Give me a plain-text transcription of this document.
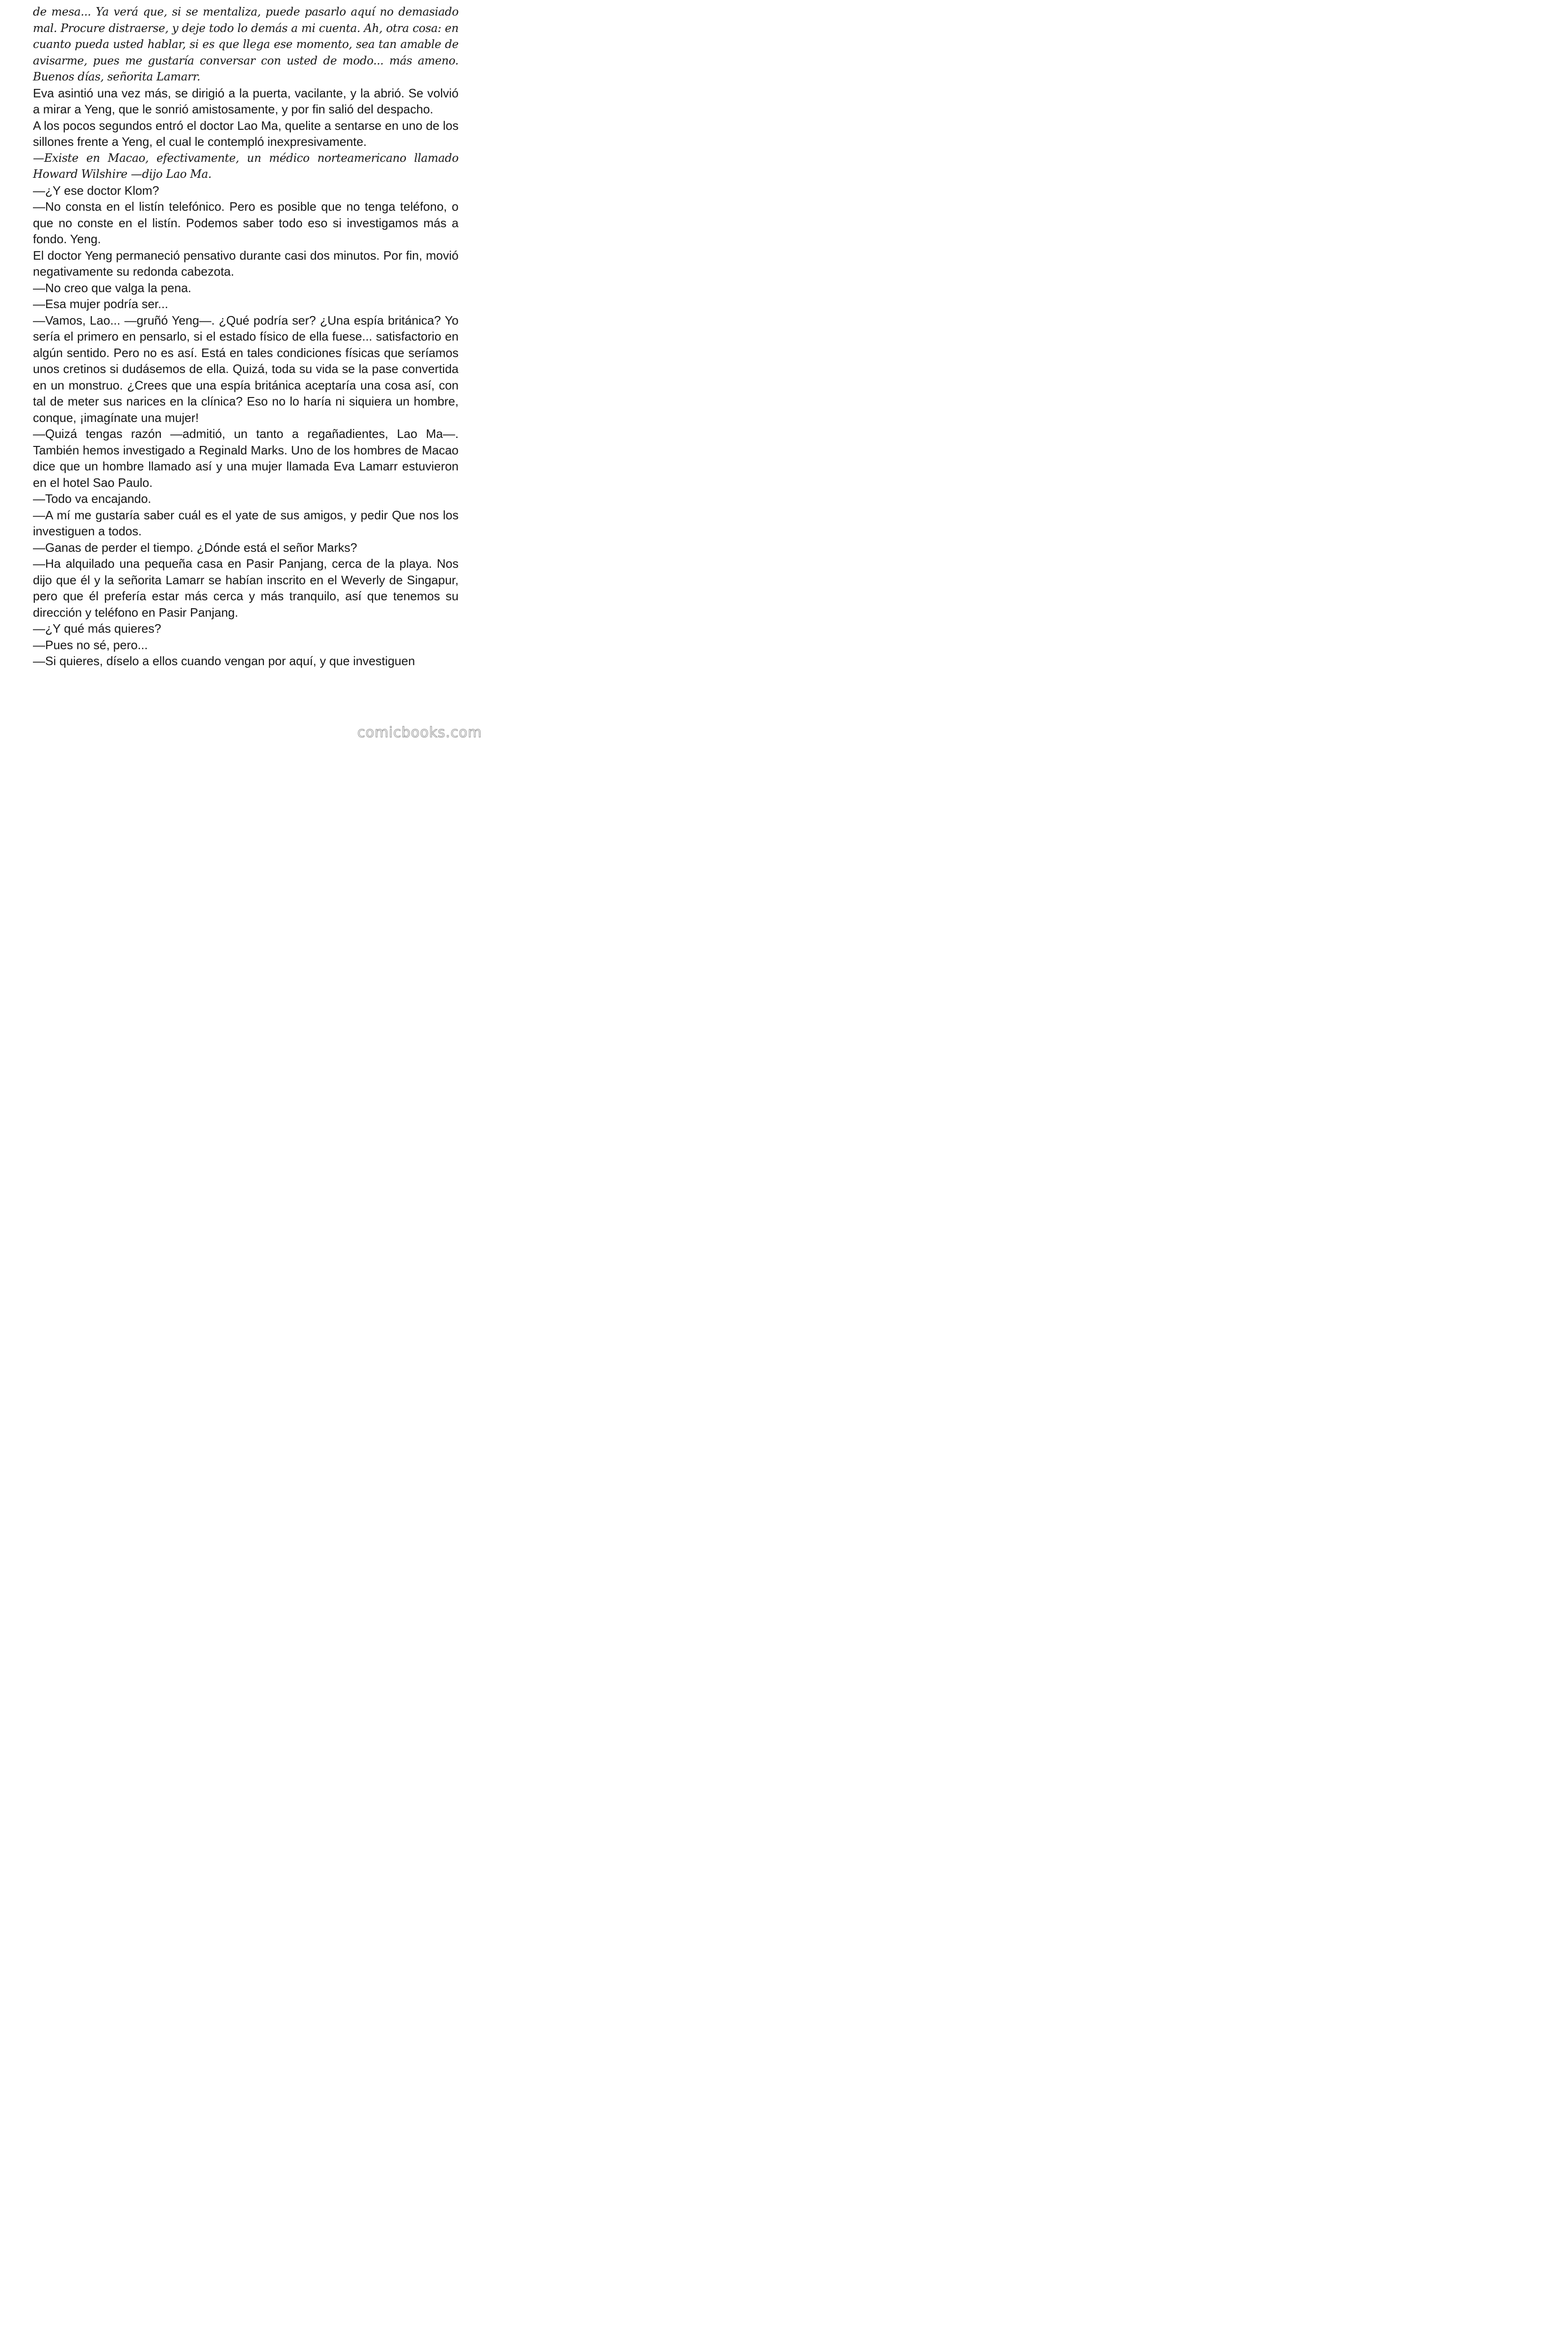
de mesa... Ya verá que, si se mentaliza, puede pasarlo aquí no demasiado mal. Procure distraerse, y deje todo lo demás a mi cuenta. Ah, otra cosa: en cuanto pueda usted hablar, si es que llega ese momento, sea tan amable de avisarme, pues me gustaría conversar con usted de modo... más ameno. Buenos días, señorita Lamarr.

Eva asintió una vez más, se dirigió a la puerta, vacilante, y la abrió. Se volvió a mirar a Yeng, que le sonrió amistosamente, y por fin salió del despacho.

A los pocos segundos entró el doctor Lao Ma, quelite a sentarse en uno de los sillones frente a Yeng, el cual le contempló inexpresivamente.

—Existe en Macao, efectivamente, un médico norteamericano llamado Howard Wilshire —dijo Lao Ma.

—¿Y ese doctor Klom?

—No consta en el listín telefónico. Pero es posible que no tenga teléfono, o que no conste en el listín. Podemos saber todo eso si investigamos más a fondo. Yeng.

El doctor Yeng permaneció pensativo durante casi dos minutos. Por fin, movió negativamente su redonda cabezota.

—No creo que valga la pena.

—Esa mujer podría ser...

—Vamos, Lao... —gruñó Yeng—. ¿Qué podría ser? ¿Una espía británica? Yo sería el primero en pensarlo, si el estado físico de ella fuese... satisfactorio en algún sentido. Pero no es así. Está en tales condiciones físicas que seríamos unos cretinos si dudásemos de ella. Quizá, toda su vida se la pase convertida en un monstruo. ¿Crees que una espía británica aceptaría una cosa así, con tal de meter sus narices en la clínica? Eso no lo haría ni siquiera un hombre, conque, ¡imagínate una mujer!

—Quizá tengas razón —admitió, un tanto a regañadientes, Lao Ma—. También hemos investigado a Reginald Marks. Uno de los hombres de Macao dice que un hombre llamado así y una mujer llamada Eva Lamarr estuvieron en el hotel Sao Paulo.

—Todo va encajando.

—A mí me gustaría saber cuál es el yate de sus amigos, y pedir Que nos los investiguen a todos.

—Ganas de perder el tiempo. ¿Dónde está el señor Marks?

—Ha alquilado una pequeña casa en Pasir Panjang, cerca de la playa. Nos dijo que él y la señorita Lamarr se habían inscrito en el Weverly de Singapur, pero que él prefería estar más cerca y más tranquilo, así que tenemos su dirección y teléfono en Pasir Panjang.

—¿Y qué más quieres?

—Pues no sé, pero...

—Si quieres, díselo a ellos cuando vengan por aquí, y que investiguen

comicbooks.com
